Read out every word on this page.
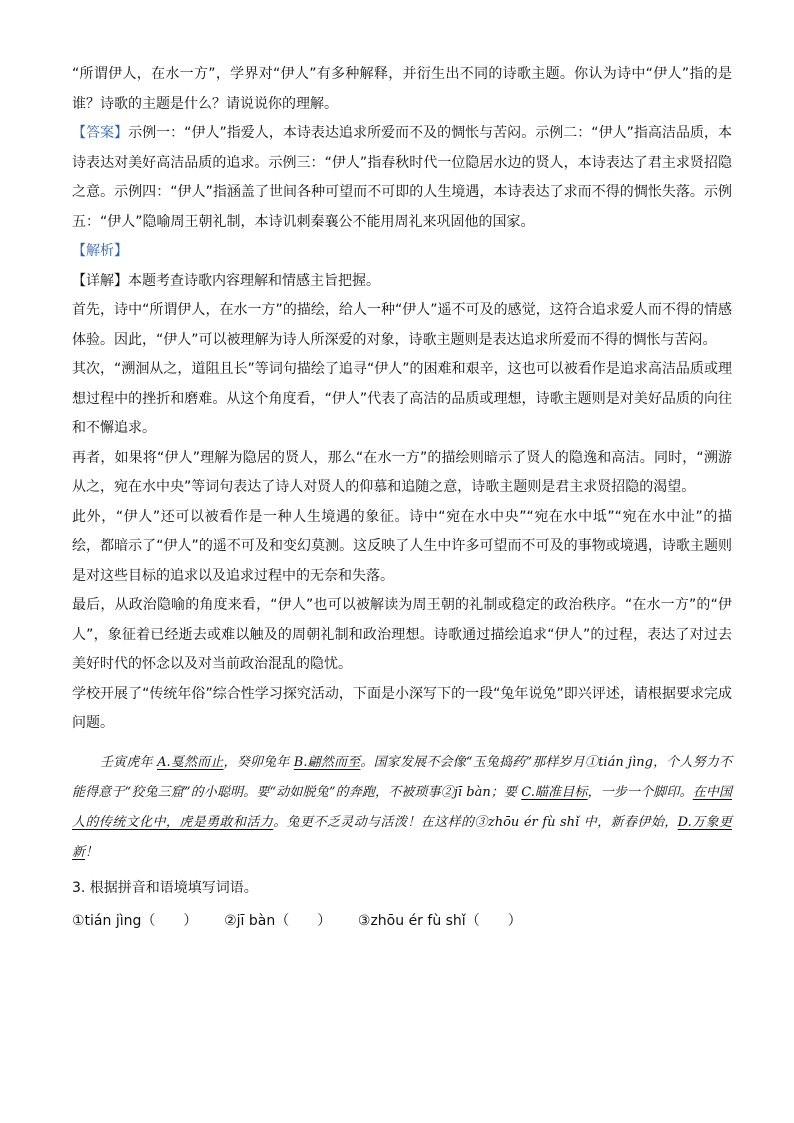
“所谓伊人，在水一方”，学界对“伊人”有多种解释，并衍生出不同的诗歌主题。你认为诗中“伊人”指的是谁？诗歌的主题是什么？请说说你的理解。

【答案】示例一：“伊人”指爱人，本诗表达追求所爱而不及的惆怅与苦闷。示例二：“伊人”指高洁品质，本诗表达对美好高洁品质的追求。示例三：“伊人”指春秋时代一位隐居水边的贤人，本诗表达了君主求贤招隐之意。示例四：“伊人”指涵盖了世间各种可望而不可即的人生境遇，本诗表达了求而不得的惆怅失落。示例五：“伊人”隐喻周王朝礼制，本诗讥刺秦襄公不能用周礼来巩固他的国家。

【解析】

【详解】本题考查诗歌内容理解和情感主旨把握。

首先，诗中“所谓伊人，在水一方”的描绘，给人一种“伊人”遥不可及的感觉，这符合追求爱人而不得的情感体验。因此，“伊人”可以被理解为诗人所深爱的对象，诗歌主题则是表达追求所爱而不得的惆怅与苦闷。

其次，“溯洄从之，道阻且长”等词句描绘了追寻“伊人”的困难和艰辛，这也可以被看作是追求高洁品质或理想过程中的挫折和磨难。从这个角度看，“伊人”代表了高洁的品质或理想，诗歌主题则是对美好品质的向往和不懈追求。

再者，如果将“伊人”理解为隐居的贤人，那么“在水一方”的描绘则暗示了贤人的隐逸和高洁。同时，“溯游从之，宛在水中央”等词句表达了诗人对贤人的仰慕和追随之意，诗歌主题则是君主求贤招隐的渴望。

此外，“伊人”还可以被看作是一种人生境遇的象征。诗中“宛在水中央”“宛在水中坻”“宛在水中沚”的描绘，都暗示了“伊人”的遥不可及和变幻莫测。这反映了人生中许多可望而不可及的事物或境遇，诗歌主题则是对这些目标的追求以及追求过程中的无奈和失落。

最后，从政治隐喻的角度来看，“伊人”也可以被解读为周王朝的礼制或稳定的政治秩序。“在水一方”的“伊人”，象征着已经逝去或难以触及的周朝礼制和政治理想。诗歌通过描绘追求“伊人”的过程，表达了对过去美好时代的怀念以及对当前政治混乱的隐忧。

学校开展了“传统年俗”综合性学习探究活动，下面是小深写下的一段“兔年说兔”即兴评述，请根据要求完成问题。

壬寅虎年 A.戛然而止，癸卯兔年 B.翩然而至。国家发展不会像“玉兔捣药”那样岁月①tián jìng，个人努力不能得意于“狡兔三窟”的小聪明。要“动如脱兔”的奔跑，不被琐事②jī bàn；要 C.瞄准目标，一步一个脚印。在中国人的传统文化中，虎是勇敢和活力。兔更不乏灵动与活泼！在这样的③zhōu ér fù shǐ 中，新春伊始，D.万象更新！

3. 根据拼音和语境填写词语。

①tián jìng（　　） ②jī bàn（　　） ③zhōu ér fù shǐ（　　）
